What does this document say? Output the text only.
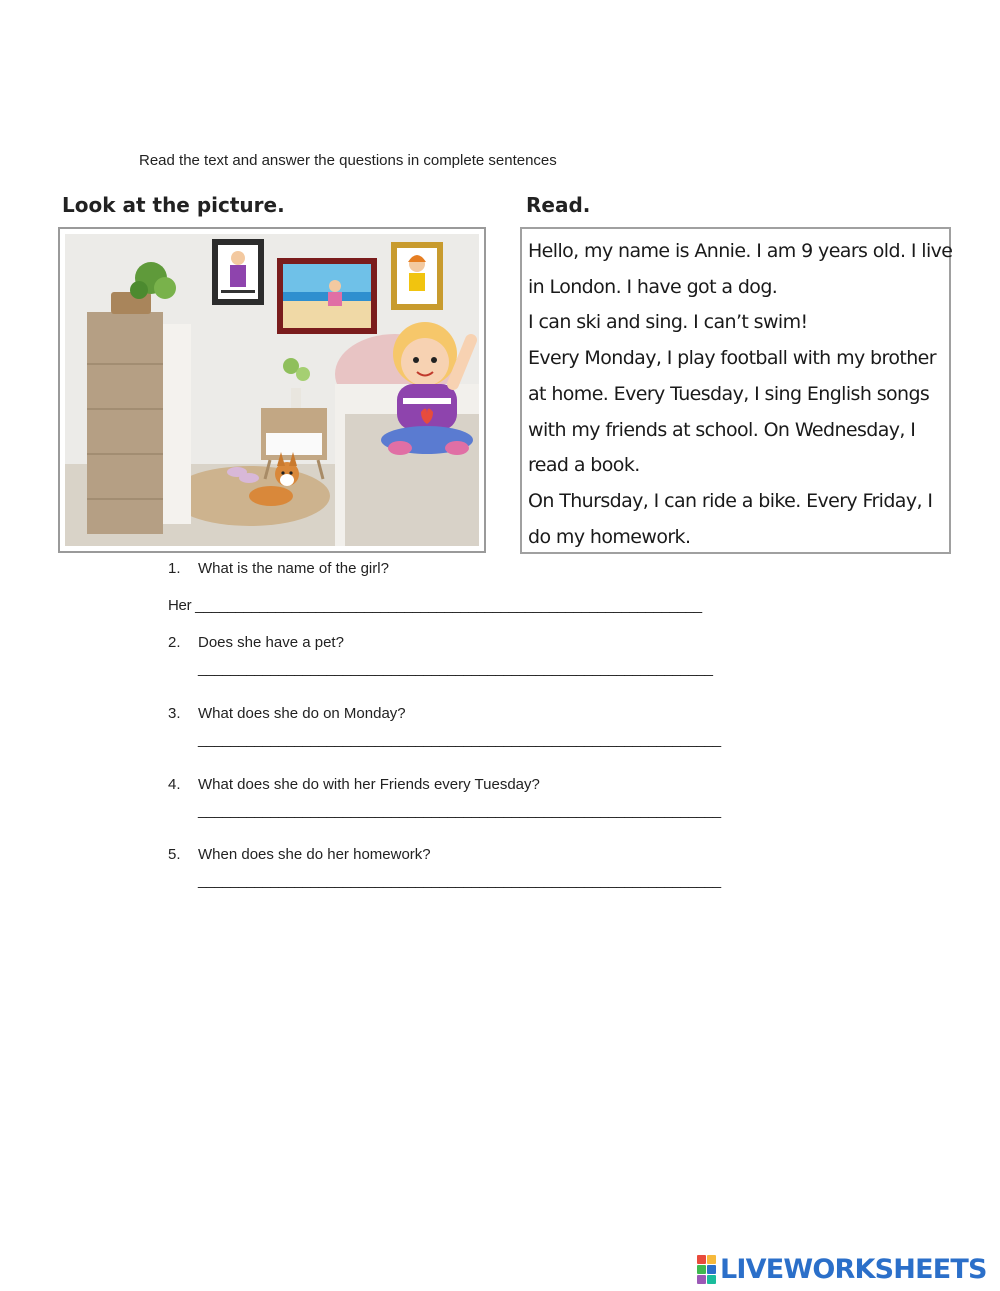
Read the text and answer the questions in complete sentences
Look at the picture.	Read.
Hello, my name is Annie. I am 9 years old. I live
in London. I have got a dog.
I can ski and sing. I can’t swim!
Every Monday, I play football with my brother
at home. Every Tuesday, I sing English songs
with my friends at school. On Wednesday, I
read a book.
On Thursday, I can ride a bike. Every Friday, I
do my homework.
1. What is the name of the girl?
Her _______________________________________________________________
2. Does she have a pet?
________________________________________________________________
3. What does she do on Monday?
_________________________________________________________________
4. What does she do with her Friends every Tuesday?
_________________________________________________________________
5. When does she do her homework?
_________________________________________________________________
LIVEWORKSHEETS
